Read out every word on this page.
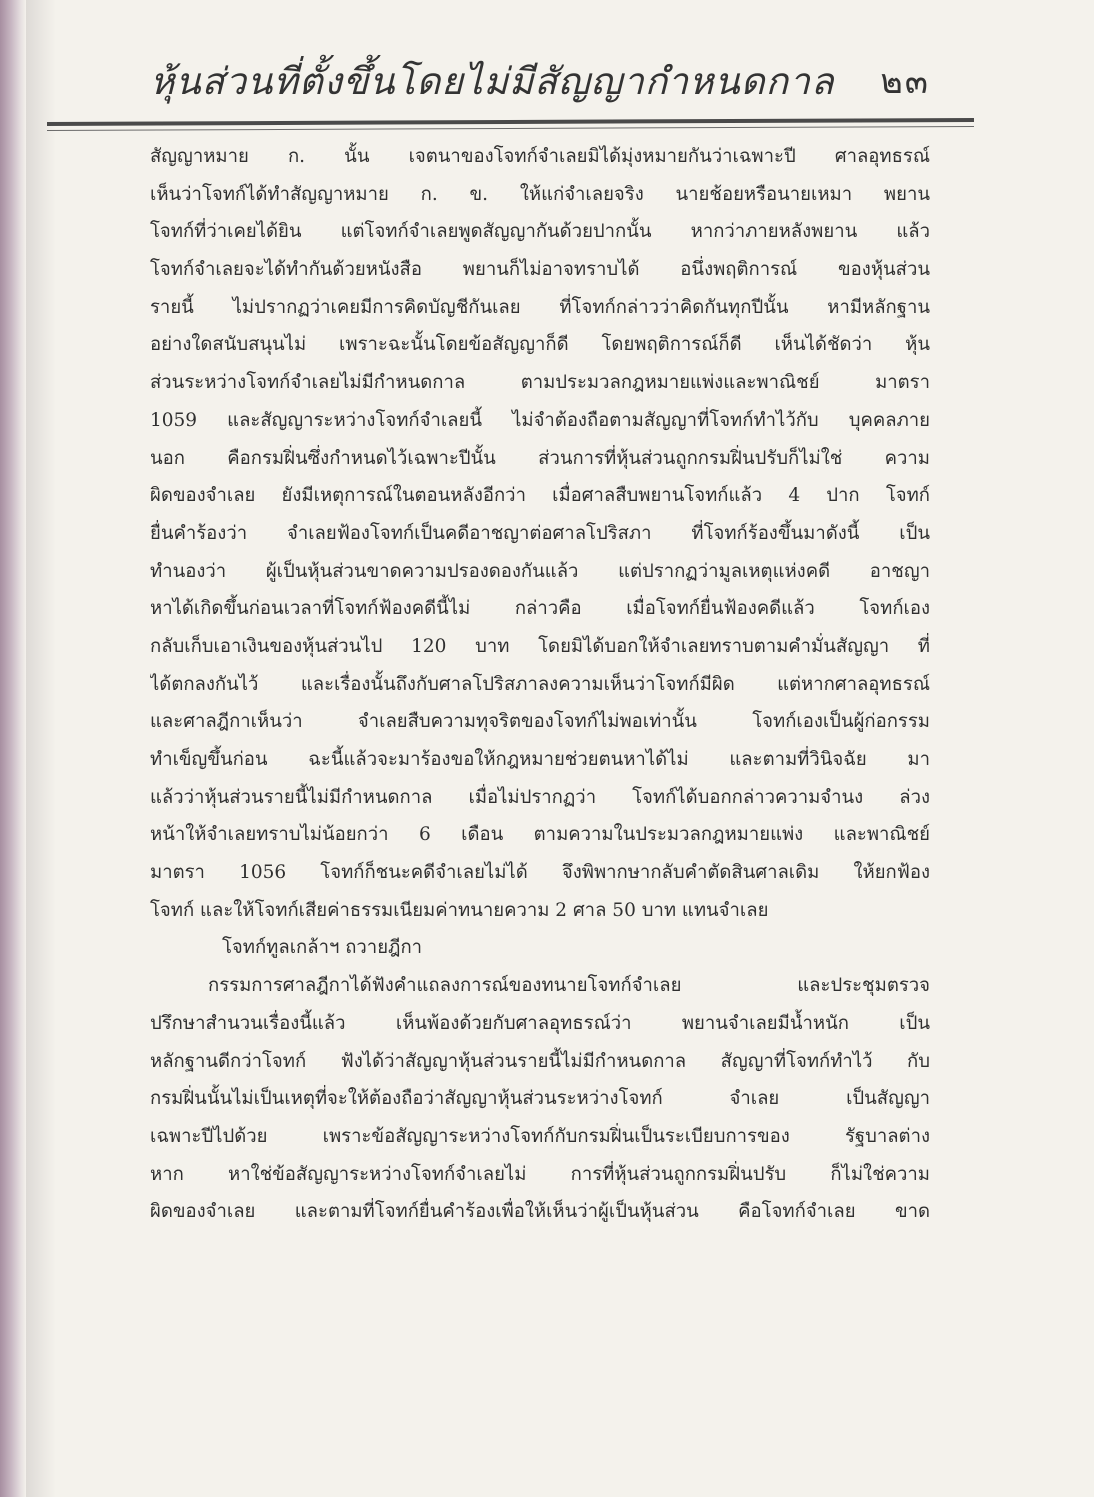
หุ้นส่วนที่ตั้งขึ้นโดยไม่มีสัญญากำหนดกาล ๒๓
สัญญาหมาย ก. นั้น เจตนาของโจทก์จำเลยมิได้มุ่งหมายกันว่าเฉพาะปี ศาลอุทธรณ์
เห็นว่าโจทก์ได้ทำสัญญาหมาย ก. ข. ให้แก่จำเลยจริง นายช้อยหรือนายเหมา พยาน
โจทก์ที่ว่าเคยได้ยิน แต่โจทก์จำเลยพูดสัญญากันด้วยปากนั้น หากว่าภายหลังพยาน แล้ว
โจทก์จำเลยจะได้ทำกันด้วยหนังสือ พยานก็ไม่อาจทราบได้ อนึ่งพฤติการณ์ ของหุ้นส่วน
รายนี้ ไม่ปรากฏว่าเคยมีการคิดบัญชีกันเลย ที่โจทก์กล่าวว่าคิดกันทุกปีนั้น หามีหลักฐาน
อย่างใดสนับสนุนไม่ เพราะฉะนั้นโดยข้อสัญญาก็ดี โดยพฤติการณ์ก็ดี เห็นได้ชัดว่า หุ้น
ส่วนระหว่างโจทก์จำเลยไม่มีกำหนดกาล ตามประมวลกฎหมายแพ่งและพาณิชย์ มาตรา
1059 และสัญญาระหว่างโจทก์จำเลยนี้ ไม่จำต้องถือตามสัญญาที่โจทก์ทำไว้กับ บุคคลภาย
นอก คือกรมฝิ่นซึ่งกำหนดไว้เฉพาะปีนั้น ส่วนการที่หุ้นส่วนถูกกรมฝิ่นปรับก็ไม่ใช่ ความ
ผิดของจำเลย ยังมีเหตุการณ์ในตอนหลังอีกว่า เมื่อศาลสืบพยานโจทก์แล้ว 4 ปาก โจทก์
ยื่นคำร้องว่า จำเลยฟ้องโจทก์เป็นคดีอาชญาต่อศาลโปริสภา ที่โจทก์ร้องขึ้นมาดังนี้ เป็น
ทำนองว่า ผู้เป็นหุ้นส่วนขาดความปรองดองกันแล้ว แต่ปรากฏว่ามูลเหตุแห่งคดี อาชญา
หาได้เกิดขึ้นก่อนเวลาที่โจทก์ฟ้องคดีนี้ไม่ กล่าวคือ เมื่อโจทก์ยื่นฟ้องคดีแล้ว โจทก์เอง
กลับเก็บเอาเงินของหุ้นส่วนไป 120 บาท โดยมิได้บอกให้จำเลยทราบตามคำมั่นสัญญา ที่
ได้ตกลงกันไว้ และเรื่องนั้นถึงกับศาลโปริสภาลงความเห็นว่าโจทก์มีผิด แต่หากศาลอุทธรณ์
และศาลฎีกาเห็นว่า จำเลยสืบความทุจริตของโจทก์ไม่พอเท่านั้น โจทก์เองเป็นผู้ก่อกรรม
ทำเข็ญขึ้นก่อน ฉะนี้แล้วจะมาร้องขอให้กฎหมายช่วยตนหาได้ไม่ และตามที่วินิจฉัย มา
แล้วว่าหุ้นส่วนรายนี้ไม่มีกำหนดกาล เมื่อไม่ปรากฏว่า โจทก์ได้บอกกล่าวความจำนง ล่วง
หน้าให้จำเลยทราบไม่น้อยกว่า 6 เดือน ตามความในประมวลกฎหมายแพ่ง และพาณิชย์
มาตรา 1056 โจทก์ก็ชนะคดีจำเลยไม่ได้ จึงพิพากษากลับคำตัดสินศาลเดิม ให้ยกฟ้อง
โจทก์ และให้โจทก์เสียค่าธรรมเนียมค่าทนายความ 2 ศาล 50 บาท แทนจำเลย
โจทก์ทูลเกล้าฯ ถวายฎีกา
กรรมการศาลฎีกาได้ฟังคำแถลงการณ์ของทนายโจทก์จำเลย และประชุมตรวจ
ปรึกษาสำนวนเรื่องนี้แล้ว เห็นพ้องด้วยกับศาลอุทธรณ์ว่า พยานจำเลยมีน้ำหนัก เป็น
หลักฐานดีกว่าโจทก์ ฟังได้ว่าสัญญาหุ้นส่วนรายนี้ไม่มีกำหนดกาล สัญญาที่โจทก์ทำไว้ กับ
กรมฝิ่นนั้นไม่เป็นเหตุที่จะให้ต้องถือว่าสัญญาหุ้นส่วนระหว่างโจทก์ จำเลย เป็นสัญญา
เฉพาะปีไปด้วย เพราะข้อสัญญาระหว่างโจทก์กับกรมฝิ่นเป็นระเบียบการของ รัฐบาลต่าง
หาก หาใช่ข้อสัญญาระหว่างโจทก์จำเลยไม่ การที่หุ้นส่วนถูกกรมฝิ่นปรับ ก็ไม่ใช่ความ
ผิดของจำเลย และตามที่โจทก์ยื่นคำร้องเพื่อให้เห็นว่าผู้เป็นหุ้นส่วน คือโจทก์จำเลย ขาด
